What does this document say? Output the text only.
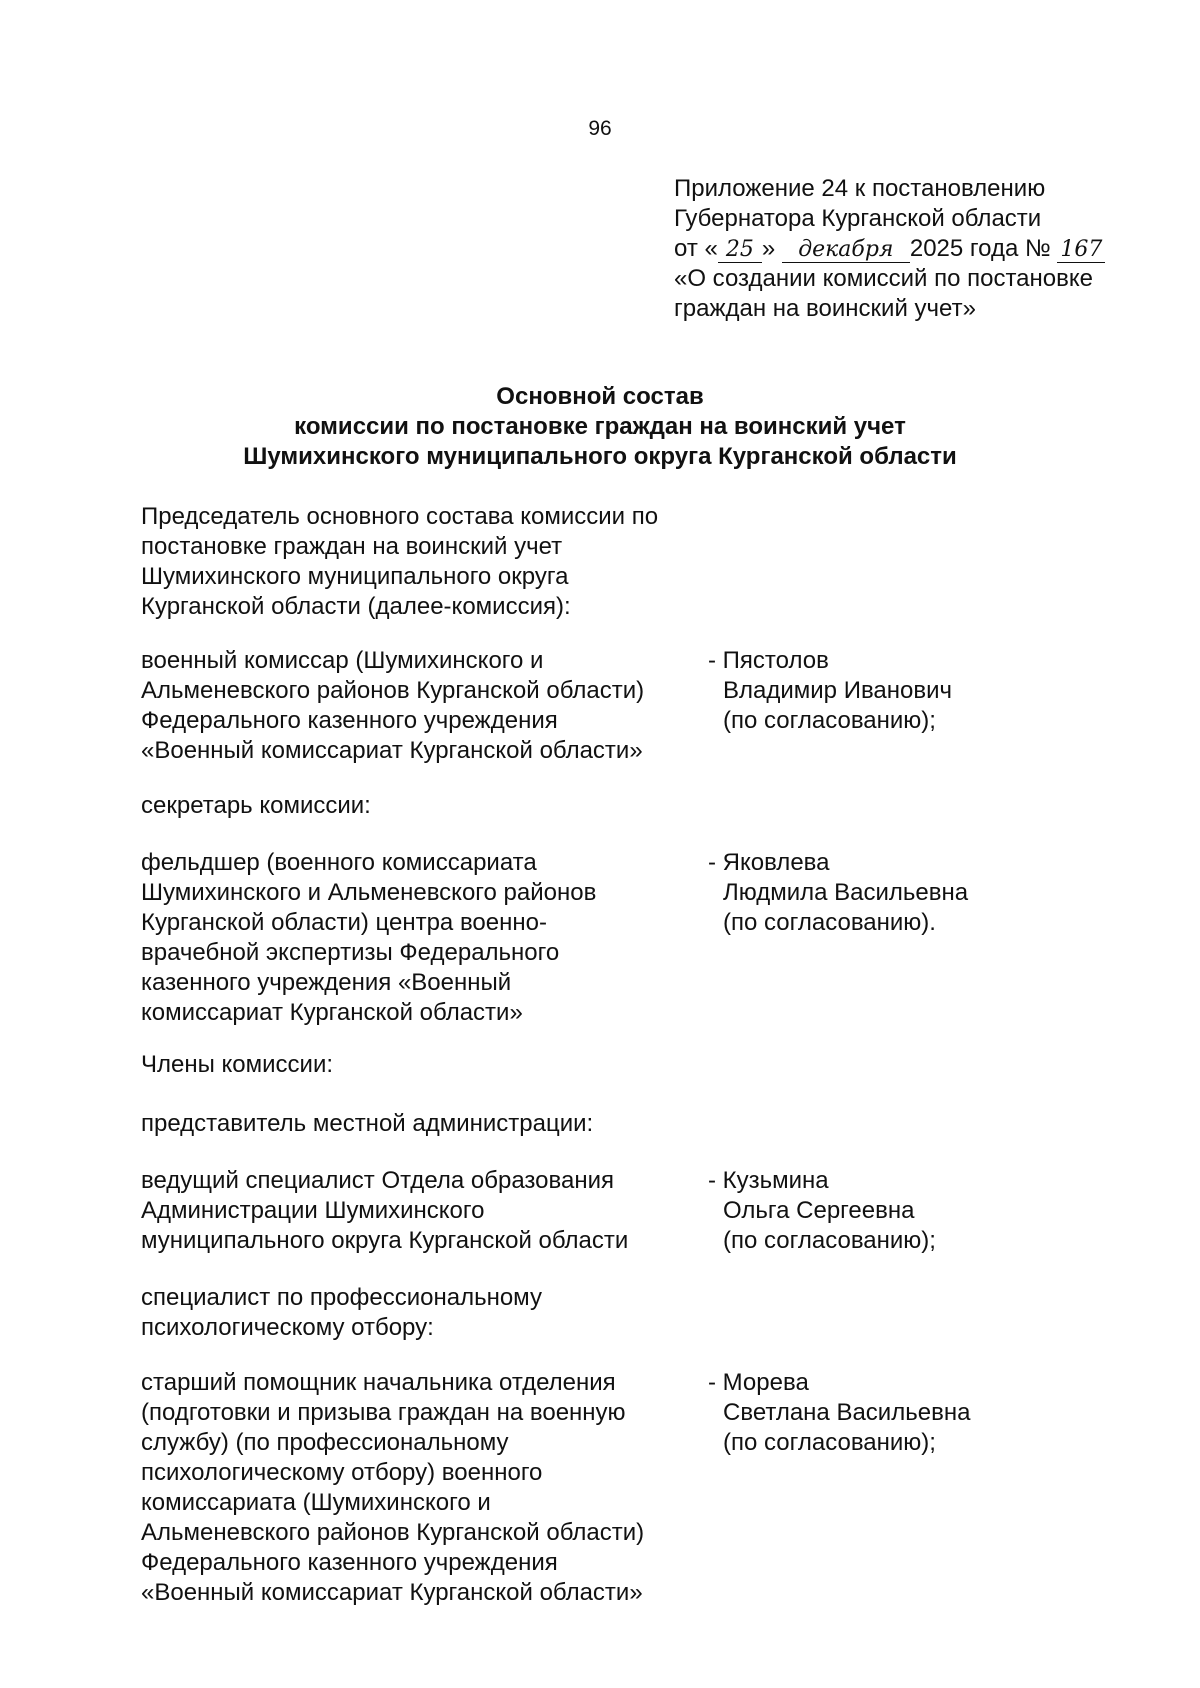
96
Приложение 24 к постановлению
Губернатора Курганской области
от « 25 » декабря 2025 года № 167
«О создании комиссий по постановке
граждан на воинский учет»
Основной состав
комиссии по постановке граждан на воинский учет
Шумихинского муниципального округа Курганской области
Председатель основного состава комиссии по
постановке граждан на воинский учет
Шумихинского муниципального округа
Курганской области (далее-комиссия):
военный комиссар (Шумихинского и
Альменевского районов Курганской области)
Федерального казенного учреждения
«Военный комиссариат Курганской области»
- Пястолов
Владимир Иванович
(по согласованию);
секретарь комиссии:
фельдшер (военного комиссариата
Шумихинского и Альменевского районов
Курганской области) центра военно-
врачебной экспертизы Федерального
казенного учреждения «Военный
комиссариат Курганской области»
- Яковлева
Людмила Васильевна
(по согласованию).
Члены комиссии:
представитель местной администрации:
ведущий специалист Отдела образования
Администрации Шумихинского
муниципального округа Курганской области
- Кузьмина
Ольга Сергеевна
(по согласованию);
специалист по профессиональному
психологическому отбору:
старший помощник начальника отделения
(подготовки и призыва граждан на военную
службу) (по профессиональному
психологическому отбору) военного
комиссариата (Шумихинского и
Альменевского районов Курганской области)
Федерального казенного учреждения
«Военный комиссариат Курганской области»
- Морева
Светлана Васильевна
(по согласованию);
